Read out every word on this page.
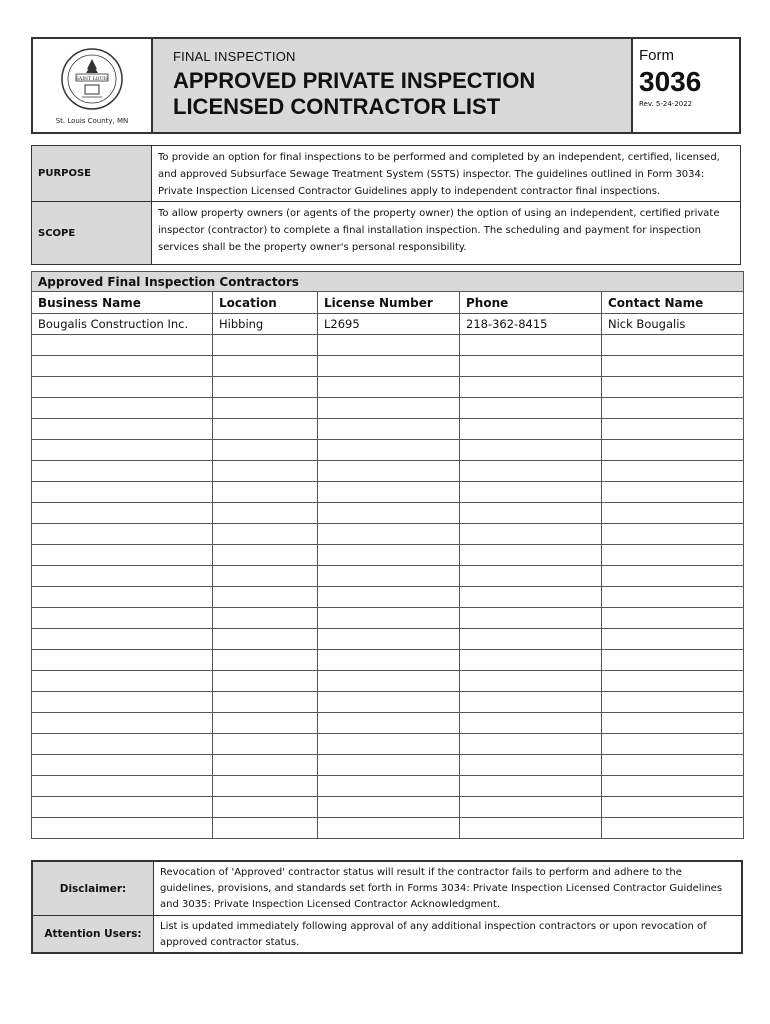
SAINT LOUIS
St. Louis County, MN
FINAL INSPECTION
APPROVED PRIVATE INSPECTION
LICENSED CONTRACTOR LIST
Form
3036
Rev. 5-24-2022
PURPOSE
To provide an option for final inspections to be performed and completed by an independent, certified, licensed, and approved Subsurface Sewage Treatment System (SSTS) inspector. The guidelines outlined in Form 3034: Private Inspection Licensed Contractor Guidelines apply to independent contractor final inspections.
SCOPE
To allow property owners (or agents of the property owner) the option of using an independent, certified private inspector (contractor) to complete a final installation inspection. The scheduling and payment for inspection services shall be the property owner's personal responsibility.
Approved Final Inspection Contractors				
Business Name	Location	License Number	Phone	Contact Name
Bougalis Construction Inc.	Hibbing	L2695	218-362-8415	Nick Bougalis

Disclaimer:
Revocation of 'Approved' contractor status will result if the contractor fails to perform and adhere to the guidelines, provisions, and standards set forth in Forms 3034: Private Inspection Licensed Contractor Guidelines and 3035: Private Inspection Licensed Contractor Acknowledgment.
Attention Users:
List is updated immediately following approval of any additional inspection contractors or upon revocation of approved contractor status.
